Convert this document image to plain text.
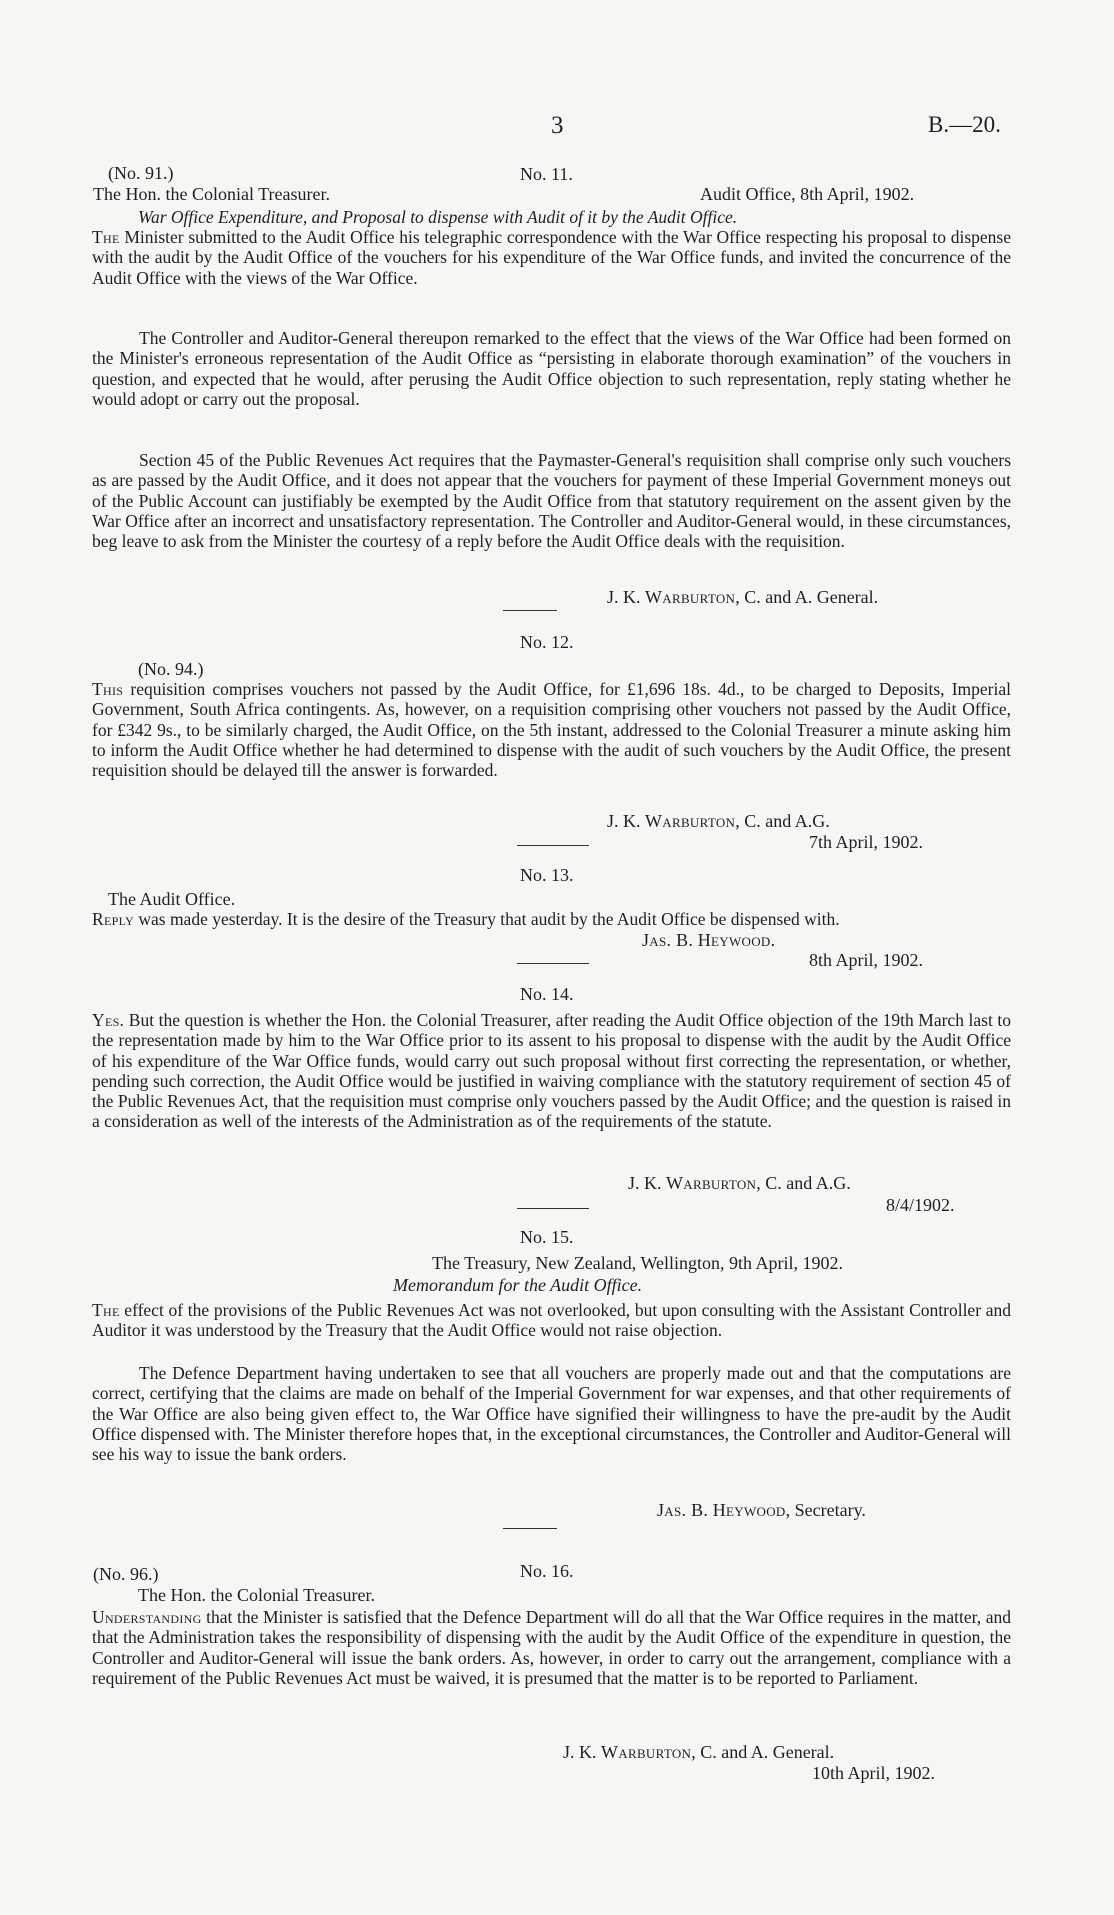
3	B.—20.
(No. 91.)	No. 11.
The Hon. the Colonial Treasurer.	Audit Office, 8th April, 1902.
War Office Expenditure, and Proposal to dispense with Audit of it by the Audit Office.

The Minister submitted to the Audit Office his telegraphic correspondence with the War Office respecting his proposal to dispense with the audit by the Audit Office of the vouchers for his expenditure of the War Office funds, and invited the concurrence of the Audit Office with the views of the War Office.

The Controller and Auditor-General thereupon remarked to the effect that the views of the War Office had been formed on the Minister's erroneous representation of the Audit Office as “persisting in elaborate thorough examination” of the vouchers in question, and expected that he would, after perusing the Audit Office objection to such representation, reply stating whether he would adopt or carry out the proposal.

Section 45 of the Public Revenues Act requires that the Paymaster-General's requisition shall comprise only such vouchers as are passed by the Audit Office, and it does not appear that the vouchers for payment of these Imperial Government moneys out of the Public Account can justifiably be exempted by the Audit Office from that statutory requirement on the assent given by the War Office after an incorrect and unsatisfactory representation. The Controller and Auditor-General would, in these circumstances, beg leave to ask from the Minister the courtesy of a reply before the Audit Office deals with the requisition.

J. K. Warburton, C. and A. General.
No. 12.
(No. 94.)

This requisition comprises vouchers not passed by the Audit Office, for £1,696 18s. 4d., to be charged to Deposits, Imperial Government, South Africa contingents. As, however, on a requisition comprising other vouchers not passed by the Audit Office, for £342 9s., to be similarly charged, the Audit Office, on the 5th instant, addressed to the Colonial Treasurer a minute asking him to inform the Audit Office whether he had determined to dispense with the audit of such vouchers by the Audit Office, the present requisition should be delayed till the answer is forwarded.

J. K. Warburton, C. and A.G.
7th April, 1902.
No. 13.
The Audit Office.

Reply was made yesterday. It is the desire of the Treasury that audit by the Audit Office be dispensed with.

Jas. B. Heywood.
8th April, 1902.
No. 14.

Yes. But the question is whether the Hon. the Colonial Treasurer, after reading the Audit Office objection of the 19th March last to the representation made by him to the War Office prior to its assent to his proposal to dispense with the audit by the Audit Office of his expenditure of the War Office funds, would carry out such proposal without first correcting the representation, or whether, pending such correction, the Audit Office would be justified in waiving compliance with the statutory requirement of section 45 of the Public Revenues Act, that the requisition must comprise only vouchers passed by the Audit Office; and the question is raised in a consideration as well of the interests of the Administration as of the requirements of the statute.

J. K. Warburton, C. and A.G.
8/4/1902.
No. 15.
The Treasury, New Zealand, Wellington, 9th April, 1902.
Memorandum for the Audit Office.

The effect of the provisions of the Public Revenues Act was not overlooked, but upon consulting with the Assistant Controller and Auditor it was understood by the Treasury that the Audit Office would not raise objection.

The Defence Department having undertaken to see that all vouchers are properly made out and that the computations are correct, certifying that the claims are made on behalf of the Imperial Government for war expenses, and that other requirements of the War Office are also being given effect to, the War Office have signified their willingness to have the pre-audit by the Audit Office dispensed with. The Minister therefore hopes that, in the exceptional circumstances, the Controller and Auditor-General will see his way to issue the bank orders.

Jas. B. Heywood, Secretary.
(No. 96.)	No. 16.
The Hon. the Colonial Treasurer.

Understanding that the Minister is satisfied that the Defence Department will do all that the War Office requires in the matter, and that the Administration takes the responsibility of dispensing with the audit by the Audit Office of the expenditure in question, the Controller and Auditor-General will issue the bank orders. As, however, in order to carry out the arrangement, compliance with a requirement of the Public Revenues Act must be waived, it is presumed that the matter is to be reported to Parliament.

J. K. Warburton, C. and A. General.
10th April, 1902.
